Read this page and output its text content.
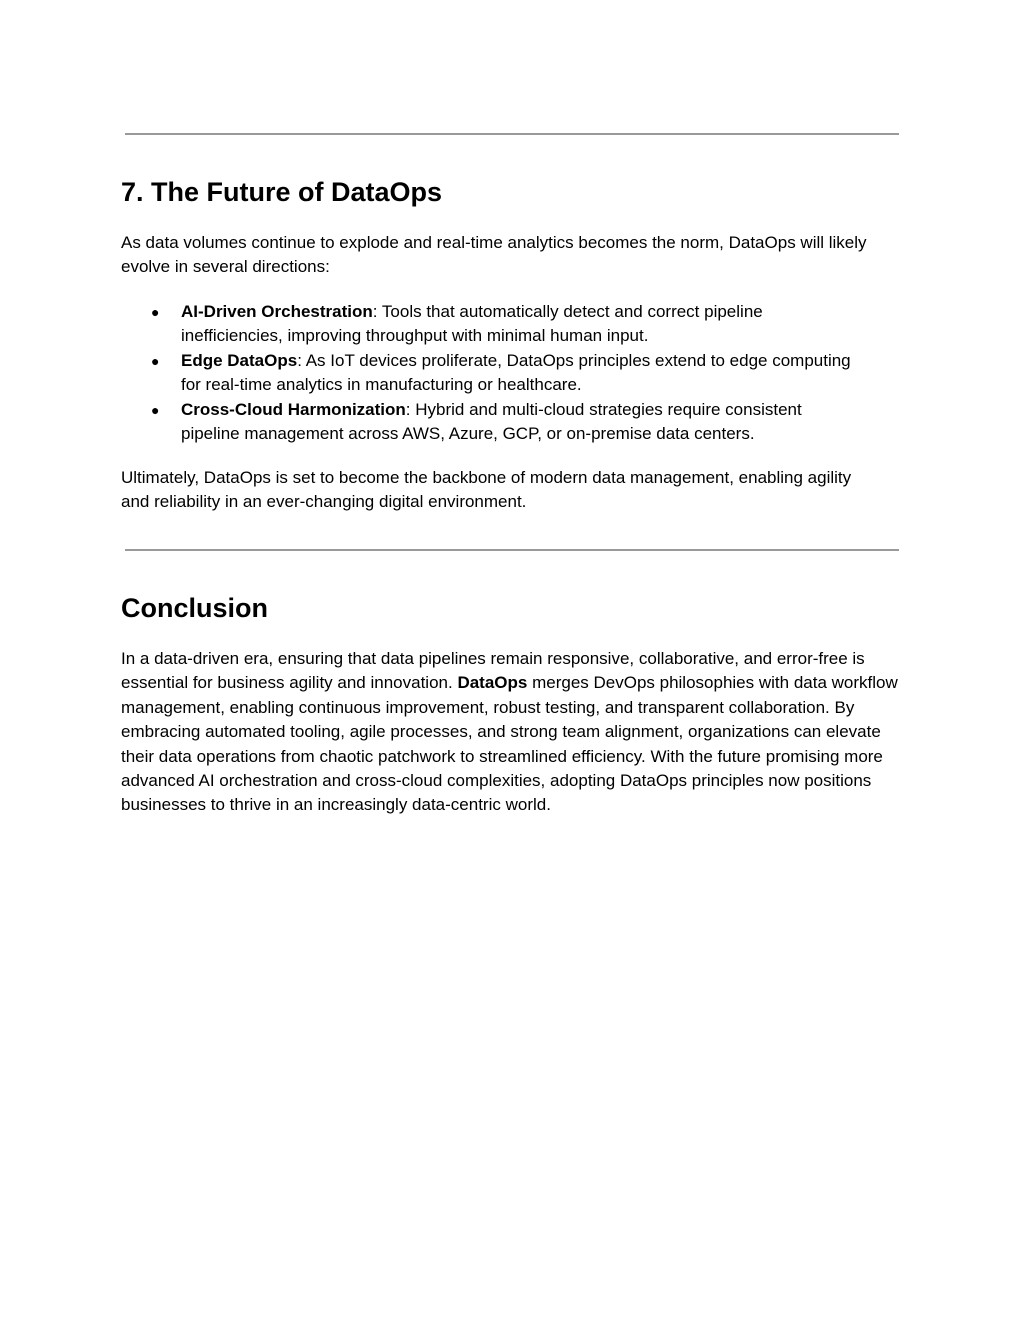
7. The Future of DataOps

As data volumes continue to explode and real-time analytics becomes the norm, DataOps will likely evolve in several directions:

● AI-Driven Orchestration: Tools that automatically detect and correct pipeline inefficiencies, improving throughput with minimal human input.
● Edge DataOps: As IoT devices proliferate, DataOps principles extend to edge computing for real-time analytics in manufacturing or healthcare.
● Cross-Cloud Harmonization: Hybrid and multi-cloud strategies require consistent pipeline management across AWS, Azure, GCP, or on-premise data centers.

Ultimately, DataOps is set to become the backbone of modern data management, enabling agility and reliability in an ever-changing digital environment.

Conclusion

In a data-driven era, ensuring that data pipelines remain responsive, collaborative, and error-free is essential for business agility and innovation. DataOps merges DevOps philosophies with data workflow management, enabling continuous improvement, robust testing, and transparent collaboration. By embracing automated tooling, agile processes, and strong team alignment, organizations can elevate their data operations from chaotic patchwork to streamlined efficiency. With the future promising more advanced AI orchestration and cross-cloud complexities, adopting DataOps principles now positions businesses to thrive in an increasingly data-centric world.
